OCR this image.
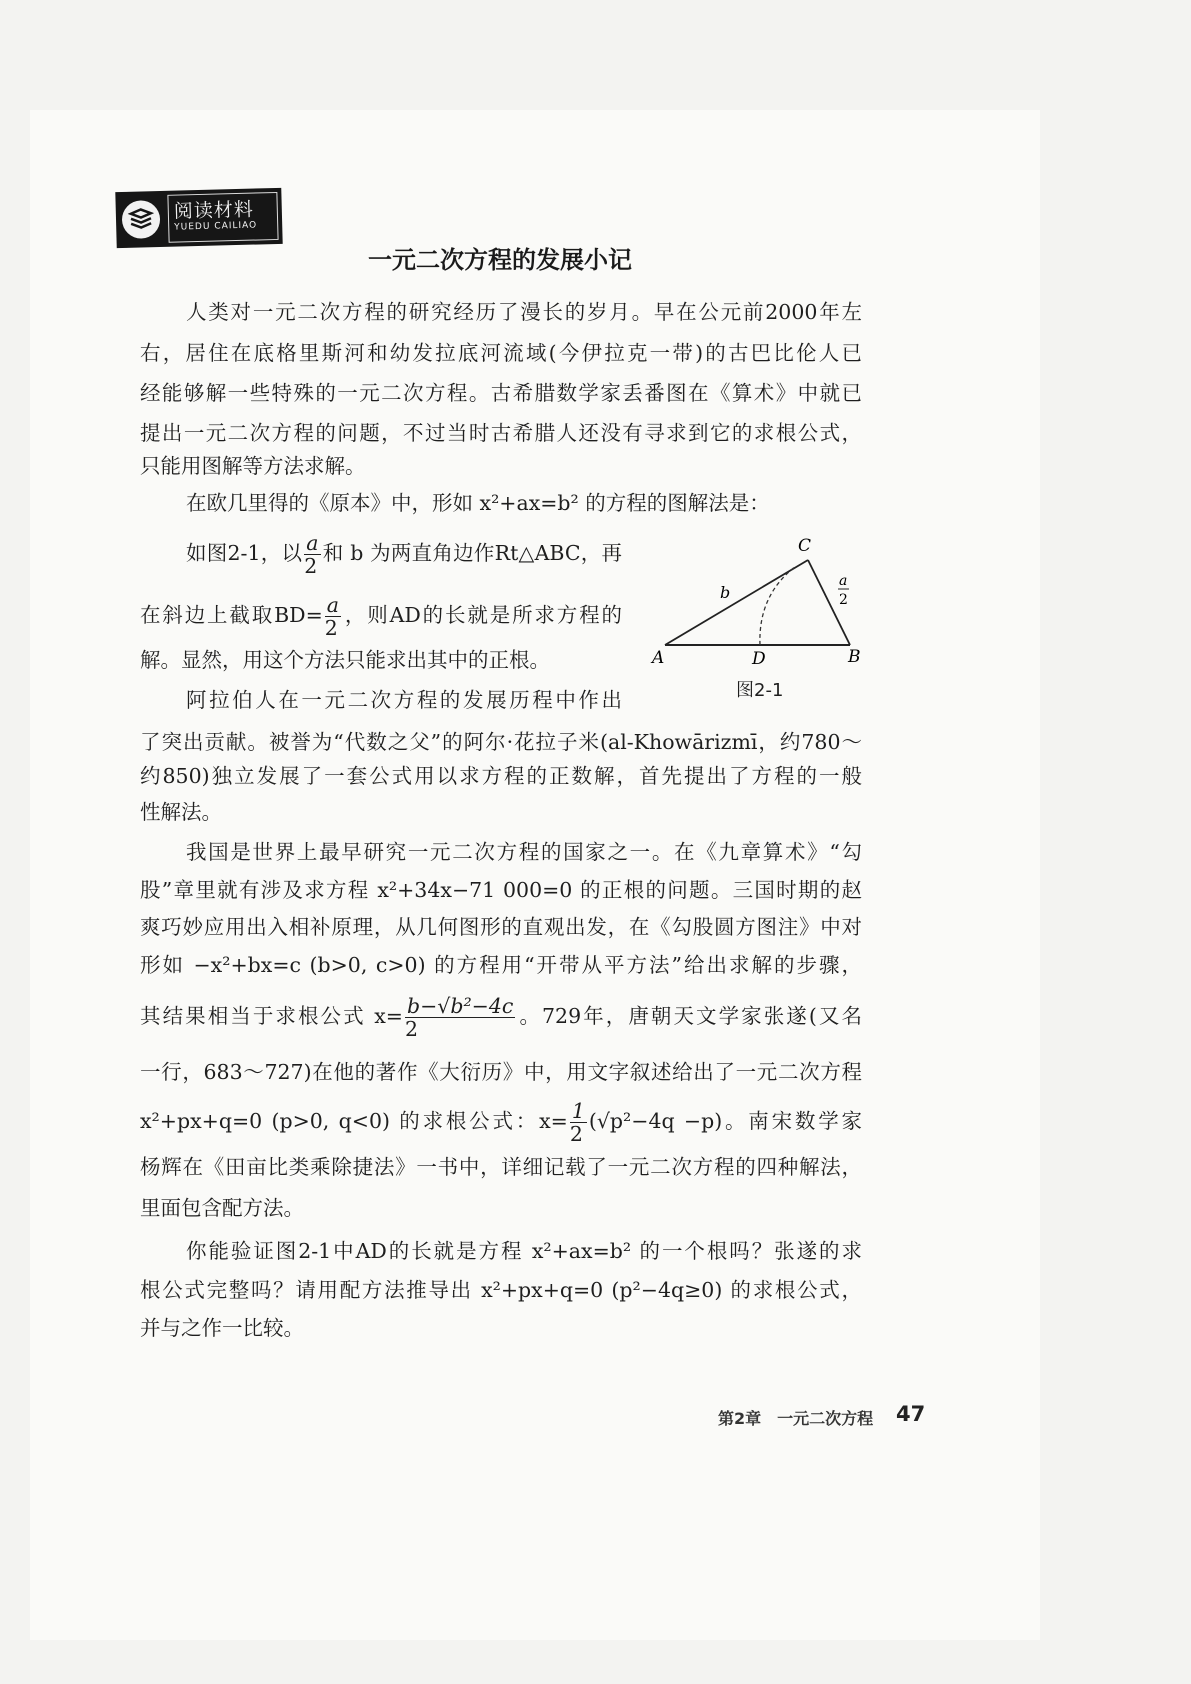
阅读材料
YUEDU CAILIAO
一元二次方程的发展小记
人类对一元二次方程的研究经历了漫长的岁月。早在公元前2000年左
右，居住在底格里斯河和幼发拉底河流域(今伊拉克一带)的古巴比伦人已
经能够解一些特殊的一元二次方程。古希腊数学家丢番图在《算术》中就已
提出一元二次方程的问题，不过当时古希腊人还没有寻求到它的求根公式，
只能用图解等方法求解。
在欧几里得的《原本》中，形如 x²+ax=b² 的方程的图解法是：
如图2-1，以 $\frac{a}{2}$ 和 b 为两直角边作Rt△ABC，再
在斜边上截取$BD= \frac{a}{2}$ ，则AD的长就是所求方程的
解。显然，用这个方法只能求出其中的正根。
阿拉伯人在一元二次方程的发展历程中作出
了突出贡献。被誉为“代数之父”的阿尔·花拉子米(al-Khowārizmī，约780～
约850)独立发展了一套公式用以求方程的正数解，首先提出了方程的一般
性解法。
我国是世界上最早研究一元二次方程的国家之一。在《九章算术》“勾
股”章里就有涉及求方程 x²+34x−71 000=0 的正根的问题。三国时期的赵
爽巧妙应用出入相补原理，从几何图形的直观出发，在《勾股圆方图注》中对
形如 −x²+bx=c (b>0, c>0) 的方程用“开带从平方法”给出求解的步骤，
其结果相当于求根公式 $x= \frac{\text{b−√b²−4c}}{2}$ 。729年，唐朝天文学家张遂(又名
一行，683～727)在他的著作《大衍历》中，用文字叙述给出了一元二次方程
x²+px+q=0 (p>0, q<0) 的求根公式：$x= \frac{1}{2} (√p^2-4q -p)$。南宋数学家
杨辉在《田亩比类乘除捷法》一书中，详细记载了一元二次方程的四种解法，
里面包含配方法。
你能验证图2-1中AD的长就是方程 x²+ax=b² 的一个根吗？张遂的求
根公式完整吗？请用配方法推导出 x²+px+q=0 (p²−4q≥0) 的求根公式，
并与之作一比较。
C
b
a
2
A	D	B
图2-1
第2章　一元二次方程 47
